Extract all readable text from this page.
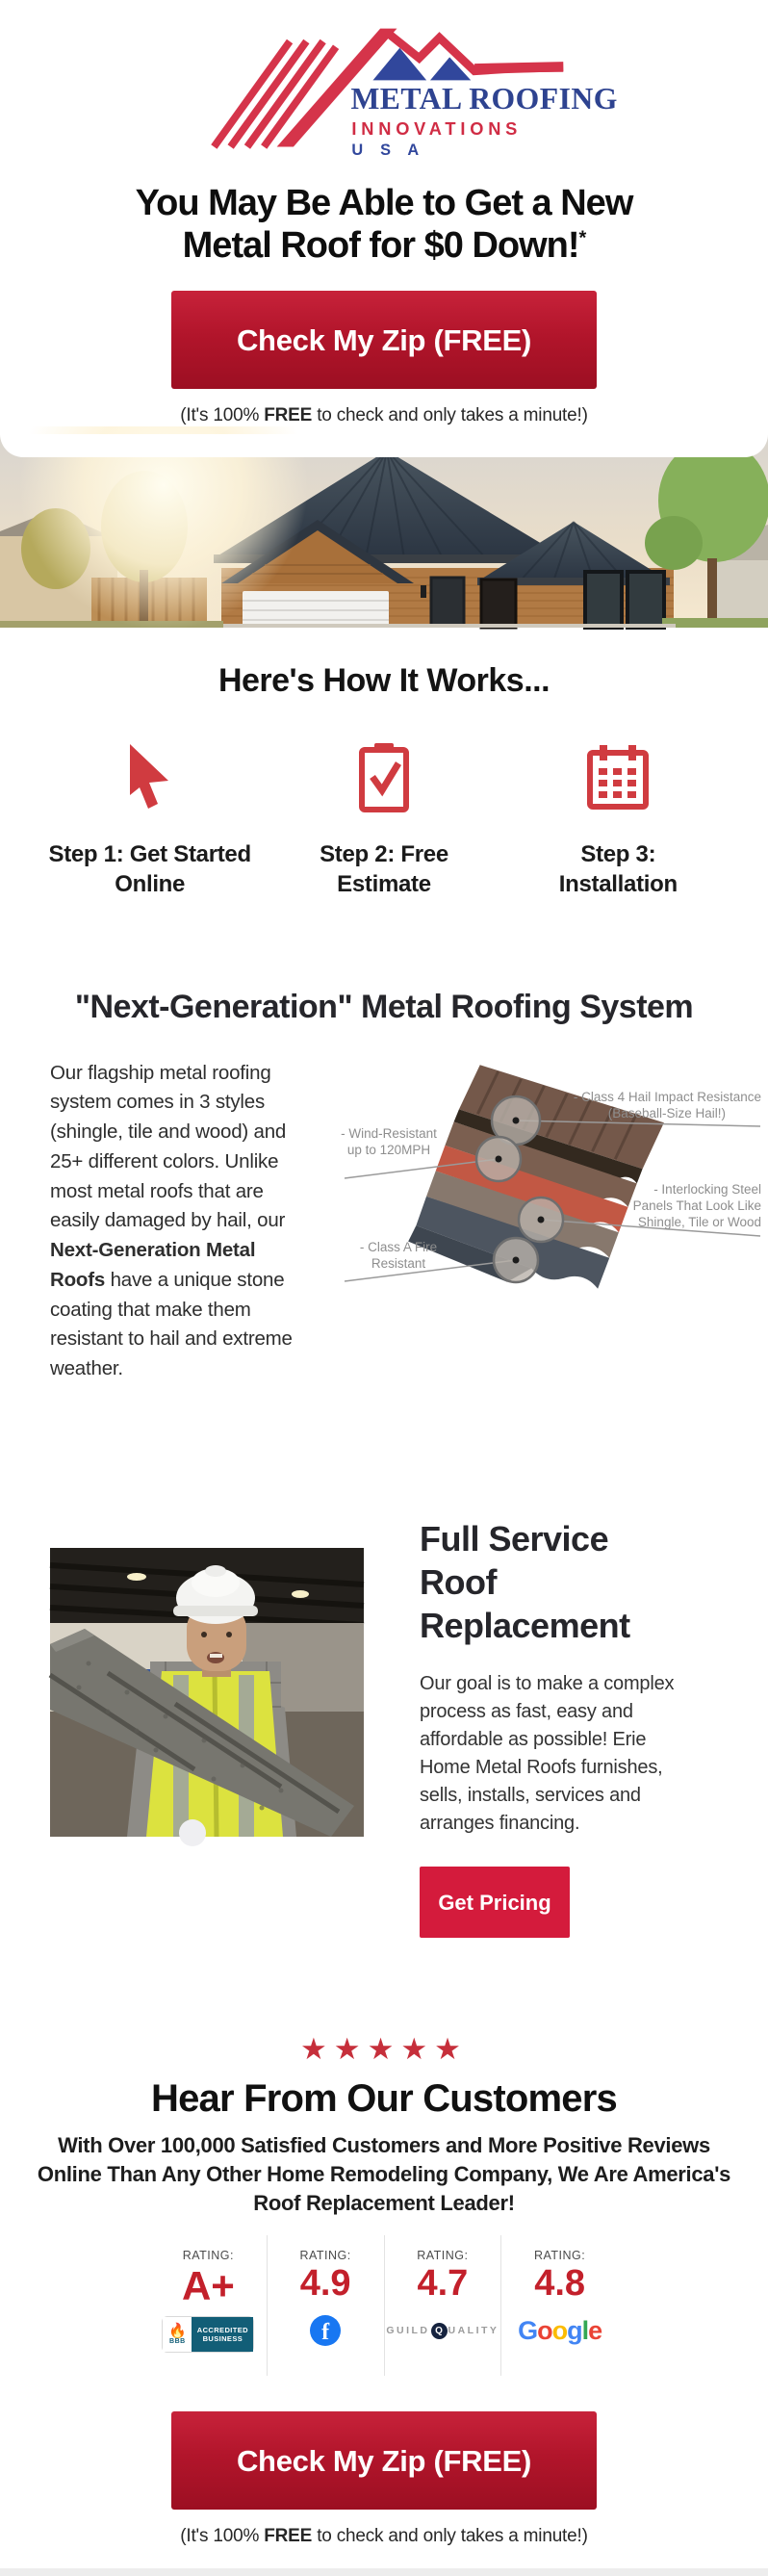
METAL ROOFING
INNOVATIONS
U S A
You May Be Able to Get a New
Metal Roof for $0 Down!*
Check My Zip (FREE)
(It's 100% FREE to check and only takes a minute!)
Here's How It Works...
Step 1: Get Started
Online
Step 2: Free
Estimate
Step 3:
Installation
"Next-Generation" Metal Roofing System
Our flagship metal roofing system comes in 3 styles (shingle, tile and wood) and 25+ different colors. Unlike most metal roofs that are easily damaged by hail, our Next-Generation Metal Roofs have a unique stone coating that make them resistant to hail and extreme weather.
- Class 4 Hail Impact Resistance
(Baseball-Size Hail!)
- Wind-Resistant
up to 120MPH
- Interlocking Steel
Panels That Look Like
Shingle, Tile or Wood
- Class A Fire
Resistant
Full Service Roof
Replacement

Our goal is to make a complex process as fast, easy and affordable as possible! Erie Home Metal Roofs furnishes, sells, installs, services and arranges financing.

Get Pricing
★★★★★
Hear From Our Customers
With Over 100,000 Satisfied Customers and More Positive Reviews
Online Than Any Other Home Remodeling Company, We Are America's
Roof Replacement Leader!
RATING:
A+
🔥
BBB
ACCREDITED
BUSINESS
RATING:
4.9
f
RATING:
4.7
GUILD Q UALITY
RATING:
4.8
Google
Check My Zip (FREE)
(It's 100% FREE to check and only takes a minute!)
